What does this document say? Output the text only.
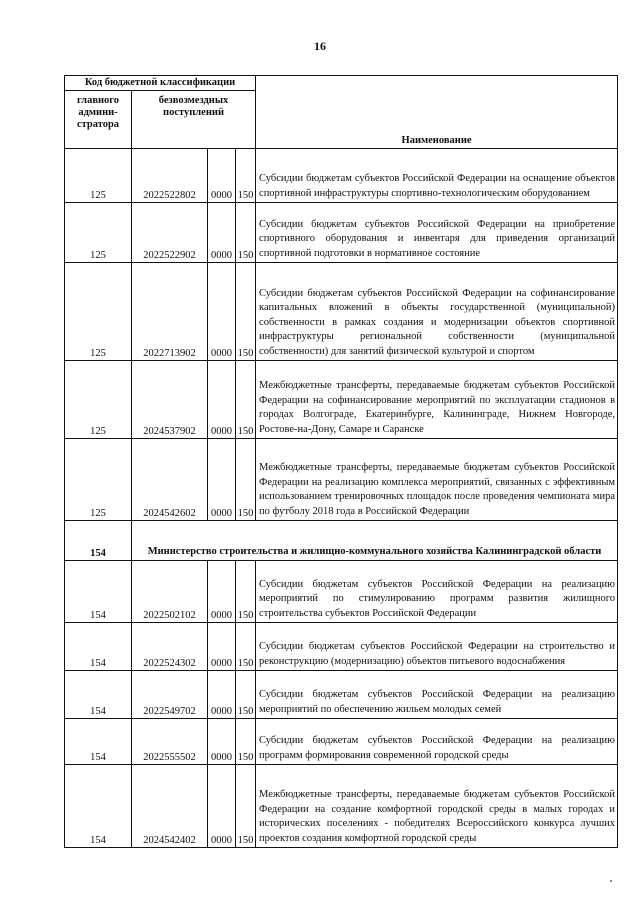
16
Код бюджетной классификации				Наименование
главного админи-стратора	безвозмездных поступлений			
125	2022522802	0000	150	Субсидии бюджетам субъектов Российской Федерации на оснащение объектов спортивной инфраструктуры спортивно-технологическим оборудованием
125	2022522902	0000	150	Субсидии бюджетам субъектов Российской Федерации на приобретение спортивного оборудования и инвентаря для приведения организаций спортивной подготовки в нормативное состояние
125	2022713902	0000	150	Субсидии бюджетам субъектов Российской Федерации на софинансирование капитальных вложений в объекты государственной (муниципальной) собственности в рамках создания и модернизации объектов спортивной инфраструктуры региональной собственности (муниципальной собственности) для занятий физической культурой и спортом
125	2024537902	0000	150	Межбюджетные трансферты, передаваемые бюджетам субъектов Российской Федерации на софинансирование мероприятий по эксплуатации стадионов в городах Волгограде, Екатеринбурге, Калининграде, Нижнем Новгороде, Ростове-на-Дону, Самаре и Саранске
125	2024542602	0000	150	Межбюджетные трансферты, передаваемые бюджетам субъектов Российской Федерации на реализацию комплекса мероприятий, связанных с эффективным использованием тренировочных площадок после проведения чемпионата мира по футболу 2018 года в Российской Федерации
154	Министерство строительства и жилищно-коммунального хозяйства Калининградской области			
154	2022502102	0000	150	Субсидии бюджетам субъектов Российской Федерации на реализацию мероприятий по стимулированию программ развития жилищного строительства субъектов Российской Федерации
154	2022524302	0000	150	Субсидии бюджетам субъектов Российской Федерации на строительство и реконструкцию (модернизацию) объектов питьевого водоснабжения
154	2022549702	0000	150	Субсидии бюджетам субъектов Российской Федерации на реализацию мероприятий по обеспечению жильем молодых семей
154	2022555502	0000	150	Субсидии бюджетам субъектов Российской Федерации на реализацию программ формирования современной городской среды
154	2024542402	0000	150	Межбюджетные трансферты, передаваемые бюджетам субъектов Российской Федерации на создание комфортной городской среды в малых городах и исторических поселениях - победителях Всероссийского конкурса лучших проектов создания комфортной городской среды
